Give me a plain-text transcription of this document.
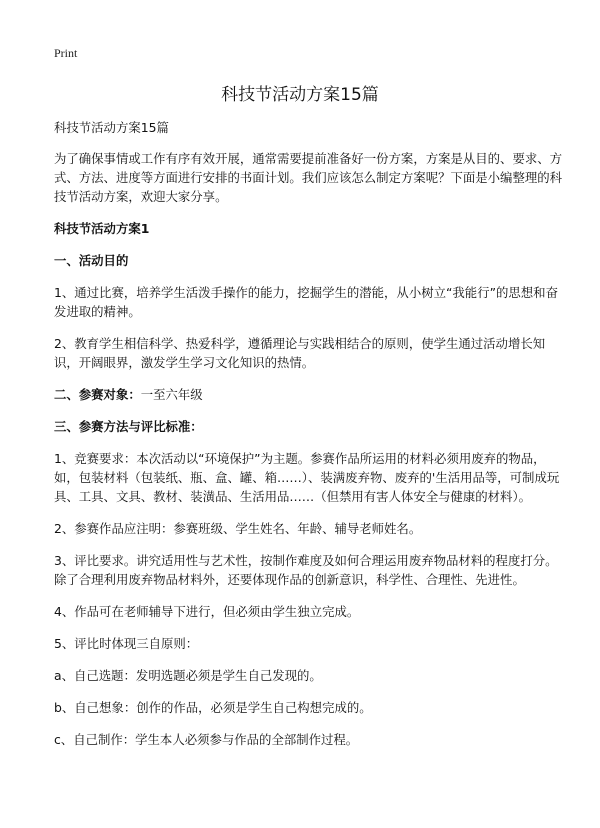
Print
科技节活动方案15篇

科技节活动方案15篇

为了确保事情或工作有序有效开展，通常需要提前准备好一份方案，方案是从目的、要求、方式、方法、进度等方面进行安排的书面计划。我们应该怎么制定方案呢？下面是小编整理的科技节活动方案，欢迎大家分享。

科技节活动方案1

一、活动目的

1、通过比赛，培养学生活泼手操作的能力，挖掘学生的潜能，从小树立“我能行”的思想和奋发进取的精神。

2、教育学生相信科学、热爱科学，遵循理论与实践相结合的原则，使学生通过活动增长知识，开阔眼界，激发学生学习文化知识的热情。

二、参赛对象：一至六年级

三、参赛方法与评比标准：

1、竞赛要求：本次活动以“环境保护”为主题。参赛作品所运用的材料必须用废弃的物品，如，包装材料（包装纸、瓶、盒、罐、箱……）、装满废弃物、废弃的'生活用品等，可制成玩具、工具、文具、教材、装潢品、生活用品……（但禁用有害人体安全与健康的材料）。

2、参赛作品应注明：参赛班级、学生姓名、年龄、辅导老师姓名。

3、评比要求。讲究适用性与艺术性，按制作难度及如何合理运用废弃物品材料的程度打分。除了合理利用废弃物品材料外，还要体现作品的创新意识，科学性、合理性、先进性。

4、作品可在老师辅导下进行，但必须由学生独立完成。

5、评比时体现三自原则：

a、自己选题：发明选题必须是学生自己发现的。

b、自己想象：创作的作品，必须是学生自己构想完成的。

c、自己制作：学生本人必须参与作品的全部制作过程。
